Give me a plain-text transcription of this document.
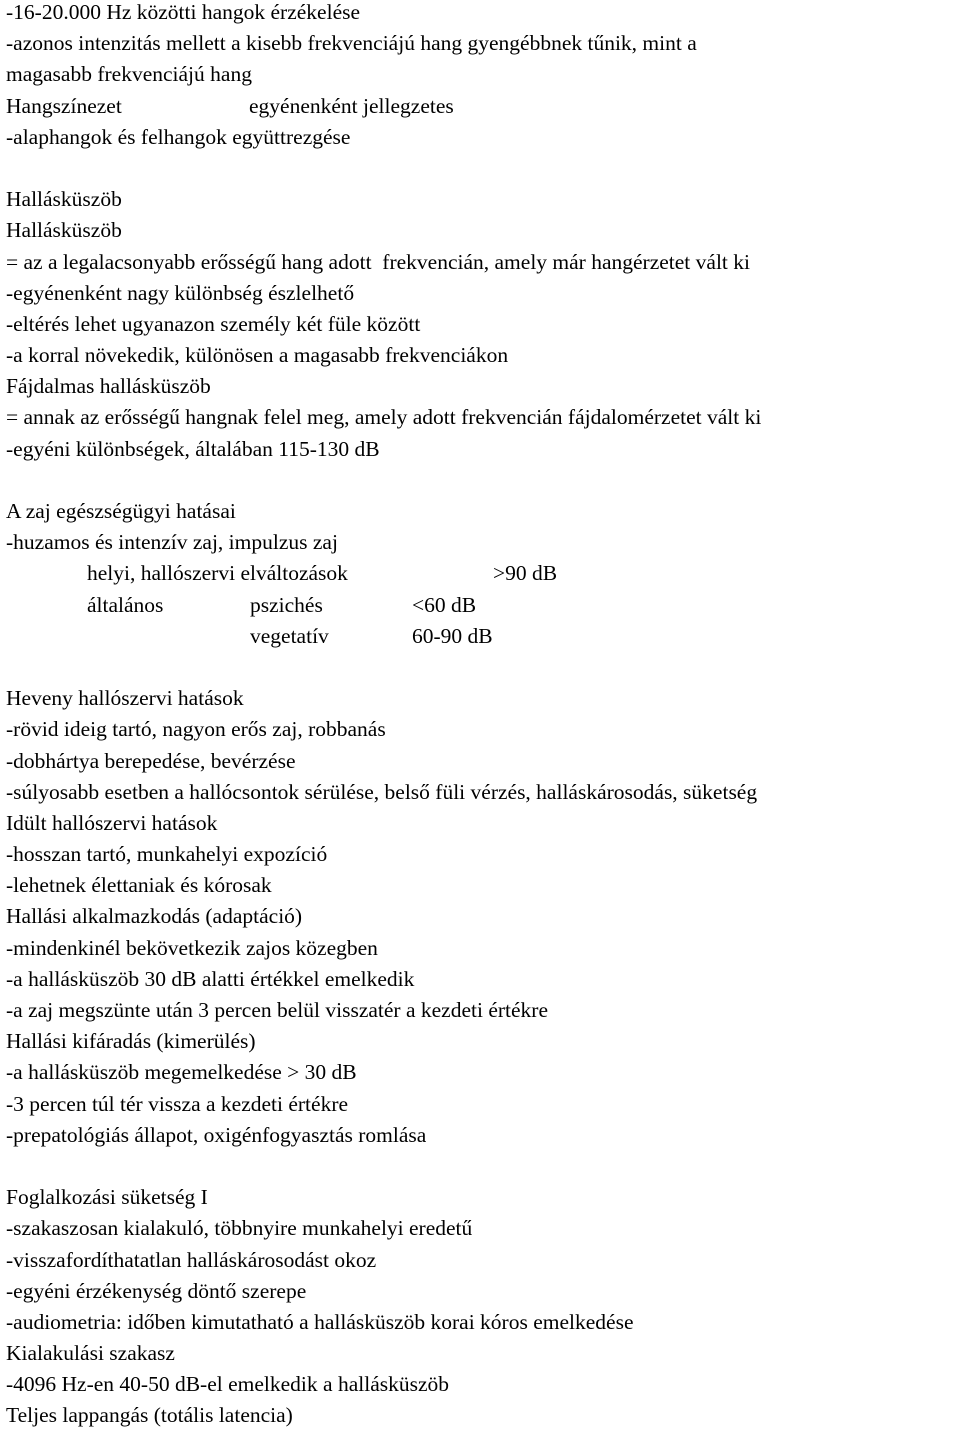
-16-20.000 Hz közötti hangok érzékelése
-azonos intenzitás mellett a kisebb frekvenciájú hang gyengébbnek tűnik, mint a
magasabb frekvenciájú hang
Hangszínezet	egyénenként jellegzetes
-alaphangok és felhangok együttrezgése
Hallásküszöb
Hallásküszöb
= az a legalacsonyabb erősségű hang adott  frekvencián, amely már hangérzetet vált ki
-egyénenként nagy különbség észlelhető
-eltérés lehet ugyanazon személy két füle között
-a korral növekedik, különösen a magasabb frekvenciákon
Fájdalmas hallásküszöb
= annak az erősségű hangnak felel meg, amely adott frekvencián fájdalomérzetet vált ki
-egyéni különbségek, általában 115-130 dB
A zaj egészségügyi hatásai
-huzamos és intenzív zaj, impulzus zaj
helyi, hallószervi elváltozások	>90 dB
általános	pszichés	<60 dB
vegetatív	60-90 dB
Heveny hallószervi hatások
-rövid ideig tartó, nagyon erős zaj, robbanás
-dobhártya berepedése, bevérzése
-súlyosabb esetben a hallócsontok sérülése, belső füli vérzés, halláskárosodás, süketség
Idült hallószervi hatások
-hosszan tartó, munkahelyi expozíció
-lehetnek élettaniak és kórosak
Hallási alkalmazkodás (adaptáció)
-mindenkinél bekövetkezik zajos közegben
-a hallásküszöb 30 dB alatti értékkel emelkedik
-a zaj megszünte után 3 percen belül visszatér a kezdeti értékre
Hallási kifáradás (kimerülés)
-a hallásküszöb megemelkedése > 30 dB
-3 percen túl tér vissza a kezdeti értékre
-prepatológiás állapot, oxigénfogyasztás romlása
Foglalkozási süketség I
-szakaszosan kialakuló, többnyire munkahelyi eredetű
-visszafordíthatatlan halláskárosodást okoz
-egyéni érzékenység döntő szerepe
-audiometria: időben kimutatható a hallásküszöb korai kóros emelkedése
Kialakulási szakasz
-4096 Hz-en 40-50 dB-el emelkedik a hallásküszöb
Teljes lappangás (totális latencia)
